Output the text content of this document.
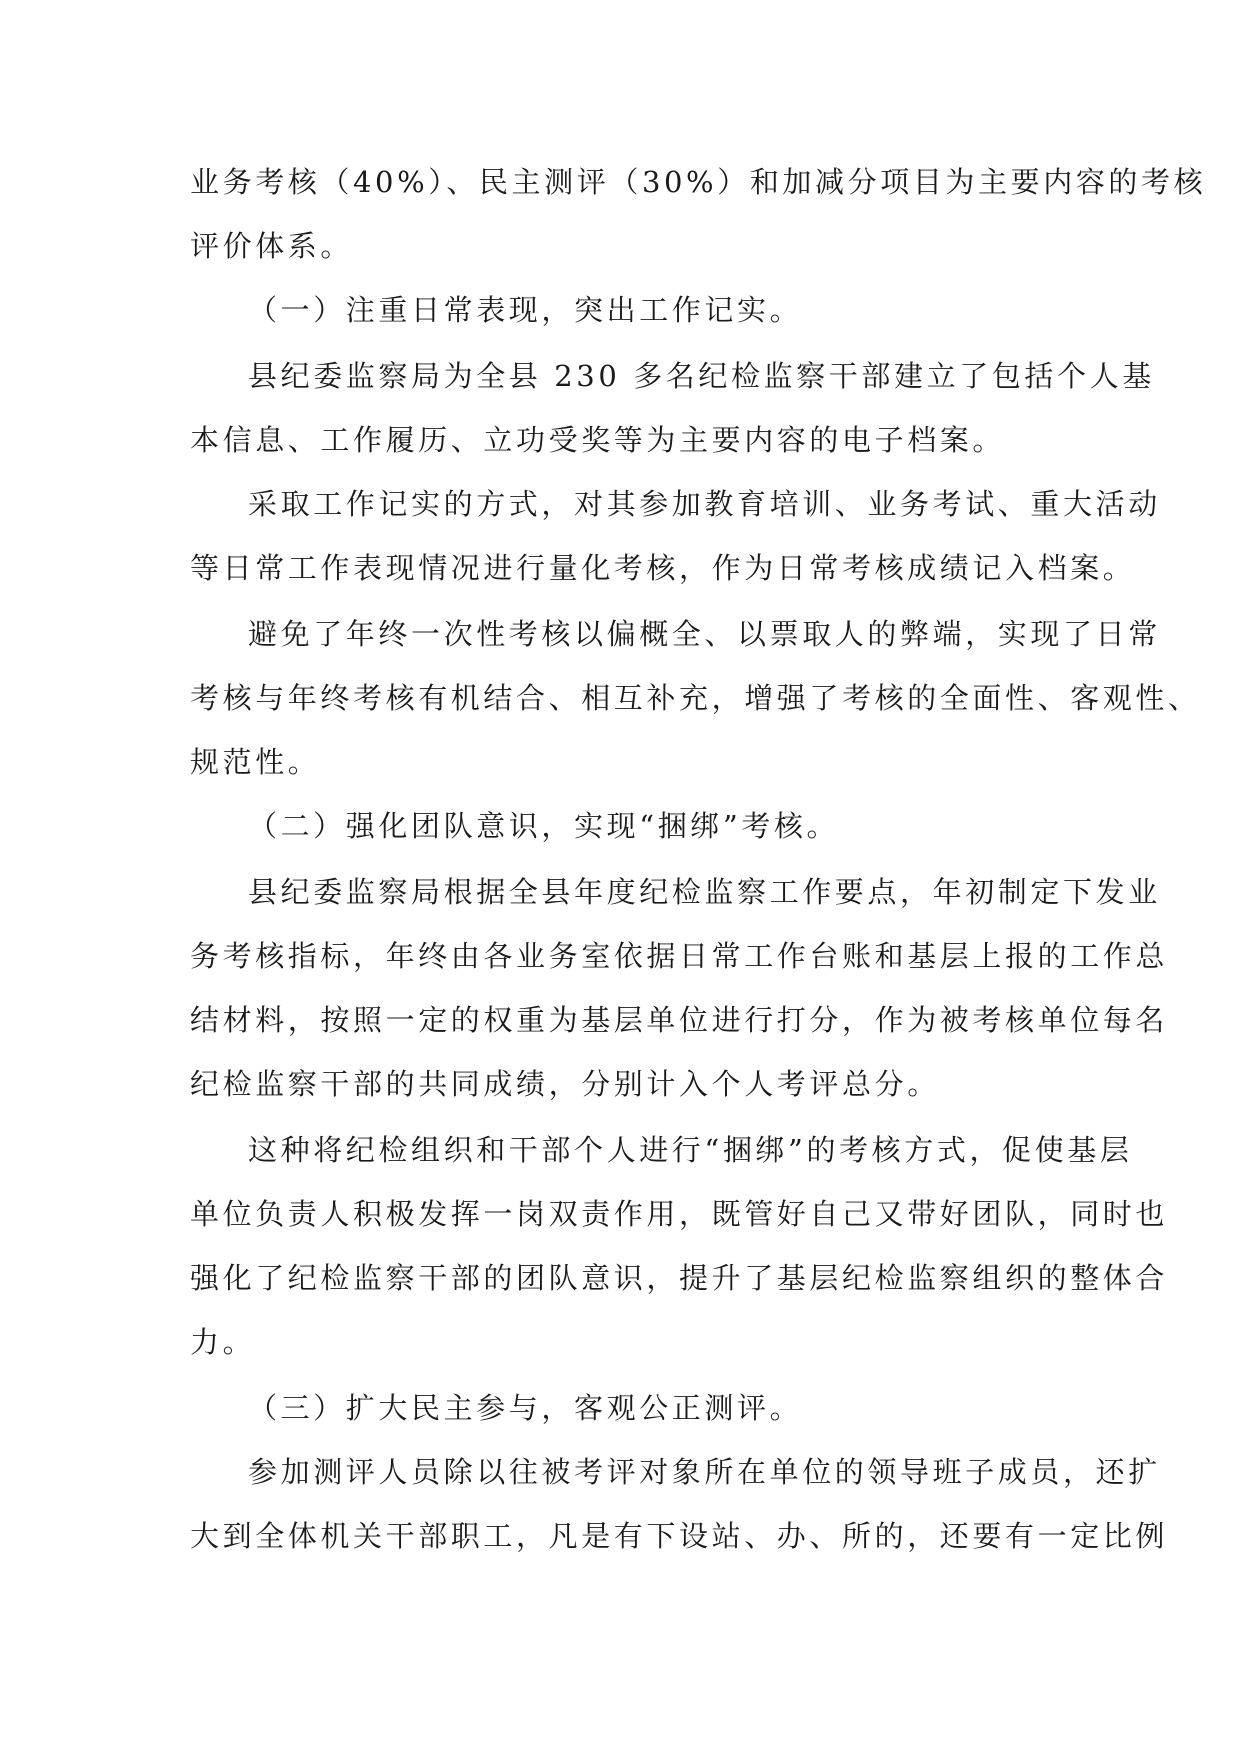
业务考核（40%）、民主测评（30%）和加减分项目为主要内容的考核
评价体系。
（一）注重日常表现，突出工作记实。
县纪委监察局为全县 230 多名纪检监察干部建立了包括个人基
本信息、工作履历、立功受奖等为主要内容的电子档案。
采取工作记实的方式，对其参加教育培训、业务考试、重大活动
等日常工作表现情况进行量化考核，作为日常考核成绩记入档案。
避免了年终一次性考核以偏概全、以票取人的弊端，实现了日常
考核与年终考核有机结合、相互补充，增强了考核的全面性、客观性、
规范性。
（二）强化团队意识，实现“捆绑”考核。
县纪委监察局根据全县年度纪检监察工作要点，年初制定下发业
务考核指标，年终由各业务室依据日常工作台账和基层上报的工作总
结材料，按照一定的权重为基层单位进行打分，作为被考核单位每名
纪检监察干部的共同成绩，分别计入个人考评总分。
这种将纪检组织和干部个人进行“捆绑”的考核方式，促使基层
单位负责人积极发挥一岗双责作用，既管好自己又带好团队，同时也
强化了纪检监察干部的团队意识，提升了基层纪检监察组织的整体合
力。
（三）扩大民主参与，客观公正测评。
参加测评人员除以往被考评对象所在单位的领导班子成员，还扩
大到全体机关干部职工，凡是有下设站、办、所的，还要有一定比例
